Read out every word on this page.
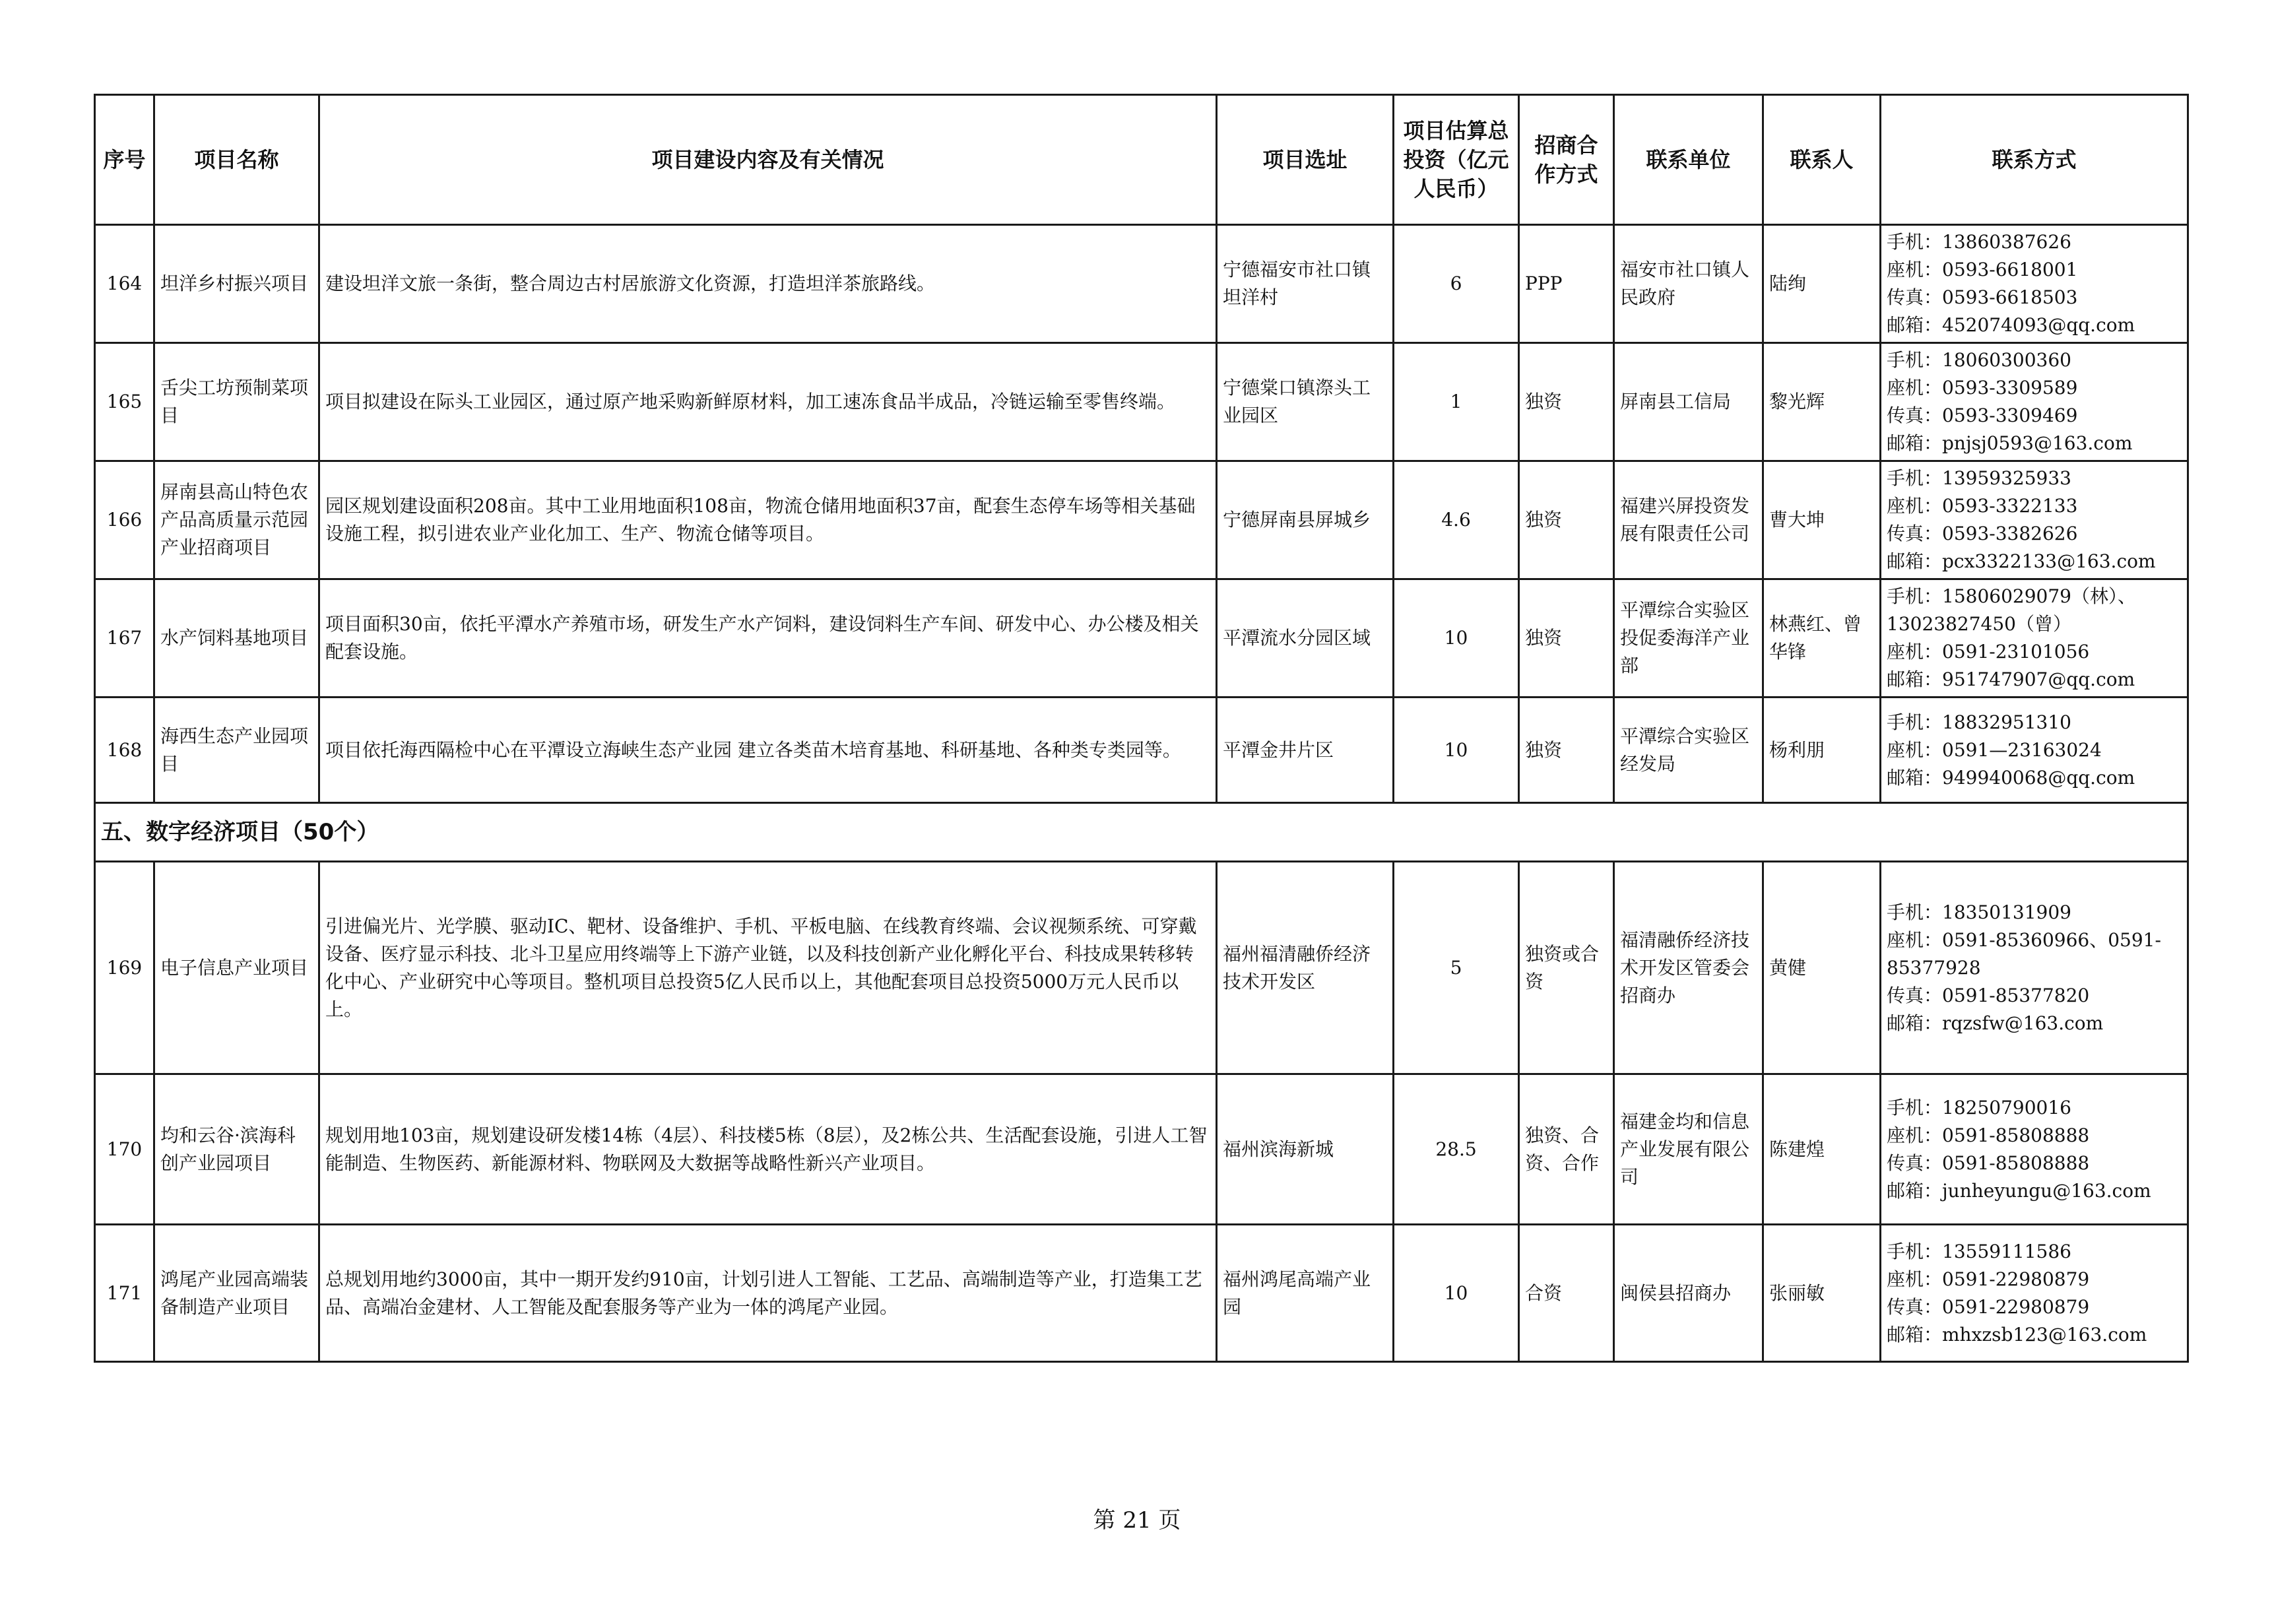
序号	项目名称	项目建设内容及有关情况	项目选址	项目估算总投资（亿元人民币）	招商合作方式	联系单位	联系人	联系方式
164	坦洋乡村振兴项目	建设坦洋文旅一条街，整合周边古村居旅游文化资源，打造坦洋茶旅路线。	宁德福安市社口镇坦洋村	6	PPP	福安市社口镇人民政府	陆绚	手机：13860387626
座机：0593-6618001
传真：0593-6618503
邮箱：452074093@qq.com

165	舌尖工坊预制菜项目	项目拟建设在际头工业园区，通过原产地采购新鲜原材料，加工速冻食品半成品，冷链运输至零售终端。	宁德棠口镇漈头工业园区	1	独资	屏南县工信局	黎光辉	手机：18060300360
座机：0593-3309589
传真：0593-3309469
邮箱：pnjsj0593@163.com

166	屏南县高山特色农产品高质量示范园产业招商项目	园区规划建设面积208亩。其中工业用地面积108亩，物流仓储用地面积37亩，配套生态停车场等相关基础设施工程，拟引进农业产业化加工、生产、物流仓储等项目。	宁德屏南县屏城乡	4.6	独资	福建兴屏投资发展有限责任公司	曹大坤	手机：13959325933
座机：0593-3322133
传真：0593-3382626
邮箱：pcx3322133@163.com

167	水产饲料基地项目	项目面积30亩，依托平潭水产养殖市场，研发生产水产饲料，建设饲料生产车间、研发中心、办公楼及相关配套设施。	平潭流水分园区域	10	独资	平潭综合实验区投促委海洋产业部	林燕红、曾华锋	手机：15806029079（林）、
13023827450（曾）
座机：0591-23101056
邮箱：951747907@qq.com

168	海西生态产业园项目	项目依托海西隔检中心在平潭设立海峡生态产业园 建立各类苗木培育基地、科研基地、各种类专类园等。	平潭金井片区	10	独资	平潭综合实验区经发局	杨利朋	手机：18832951310
座机：0591—23163024
邮箱：949940068@qq.com

五、数字经济项目（50个）								
169	电子信息产业项目	引进偏光片、光学膜、驱动IC、靶材、设备维护、手机、平板电脑、在线教育终端、会议视频系统、可穿戴设备、医疗显示科技、北斗卫星应用终端等上下游产业链，以及科技创新产业化孵化平台、科技成果转移转化中心、产业研究中心等项目。整机项目总投资5亿人民币以上，其他配套项目总投资5000万元人民币以上。	福州福清融侨经济技术开发区	5	独资或合资	福清融侨经济技术开发区管委会招商办	黄健	手机：18350131909
座机：0591-85360966、0591-
85377928
传真：0591-85377820
邮箱：rqzsfw@163.com

170	均和云谷·滨海科创产业园项目	规划用地103亩，规划建设研发楼14栋（4层）、科技楼5栋（8层），及2栋公共、生活配套设施，引进人工智能制造、生物医药、新能源材料、物联网及大数据等战略性新兴产业项目。	福州滨海新城	28.5	独资、合资、合作	福建金均和信息产业发展有限公司	陈建煌	手机：18250790016
座机：0591-85808888
传真：0591-85808888
邮箱：junheyungu@163.com

171	鸿尾产业园高端装备制造产业项目	总规划用地约3000亩，其中一期开发约910亩，计划引进人工智能、工艺品、高端制造等产业，打造集工艺品、高端冶金建材、人工智能及配套服务等产业为一体的鸿尾产业园。	福州鸿尾高端产业园	10	合资	闽侯县招商办	张丽敏	手机：13559111586
座机：0591-22980879
传真：0591-22980879
邮箱：mhxzsb123@163.com
第 21 页
